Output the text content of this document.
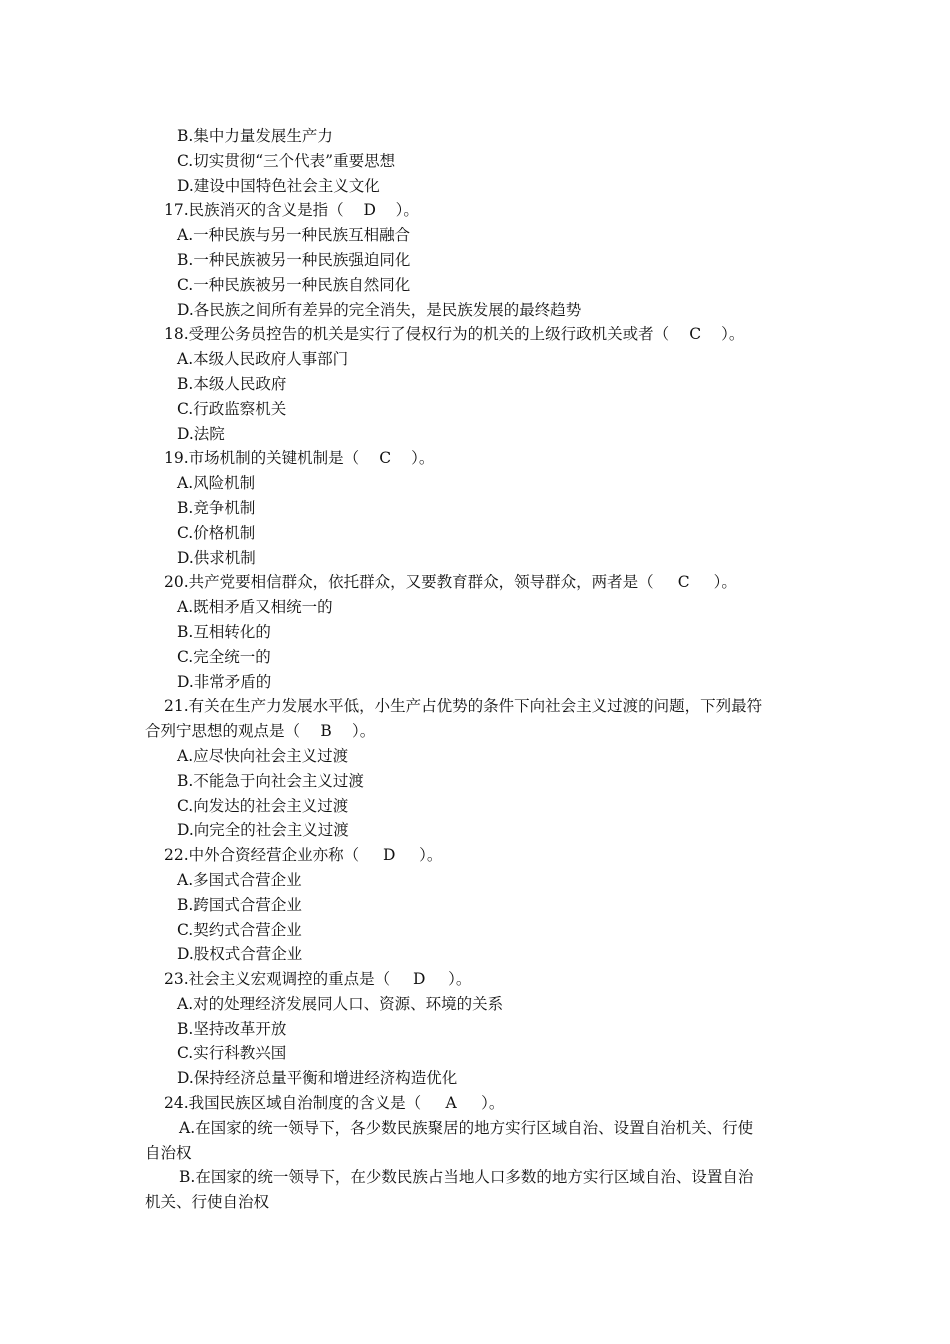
B.集中力量发展生产力
C.切实贯彻“三个代表”重要思想
D.建设中国特色社会主义文化
17.民族消灭的含义是指（ D ）。
A.一种民族与另一种民族互相融合
B.一种民族被另一种民族强迫同化
C.一种民族被另一种民族自然同化
D.各民族之间所有差异的完全消失，是民族发展的最终趋势
18.受理公务员控告的机关是实行了侵权行为的机关的上级行政机关或者（ C ）。
A.本级人民政府人事部门
B.本级人民政府
C.行政监察机关
D.法院
19.市场机制的关键机制是（ C ）。
A.风险机制
B.竞争机制
C.价格机制
D.供求机制
20.共产党要相信群众，依托群众，又要教育群众，领导群众，两者是（ C ）。
A.既相矛盾又相统一的
B.互相转化的
C.完全统一的
D.非常矛盾的
21.有关在生产力发展水平低，小生产占优势的条件下向社会主义过渡的问题，下列最符
合列宁思想的观点是（ B ）。
A.应尽快向社会主义过渡
B.不能急于向社会主义过渡
C.向发达的社会主义过渡
D.向完全的社会主义过渡
22.中外合资经营企业亦称（ D ）。
A.多国式合营企业
B.跨国式合营企业
C.契约式合营企业
D.股权式合营企业
23.社会主义宏观调控的重点是（ D ）。
A.对的处理经济发展同人口、资源、环境的关系
B.坚持改革开放
C.实行科教兴国
D.保持经济总量平衡和增进经济构造优化
24.我国民族区域自治制度的含义是（ A ）。
A.在国家的统一领导下，各少数民族聚居的地方实行区域自治、设置自治机关、行使
自治权
B.在国家的统一领导下，在少数民族占当地人口多数的地方实行区域自治、设置自治
机关、行使自治权
